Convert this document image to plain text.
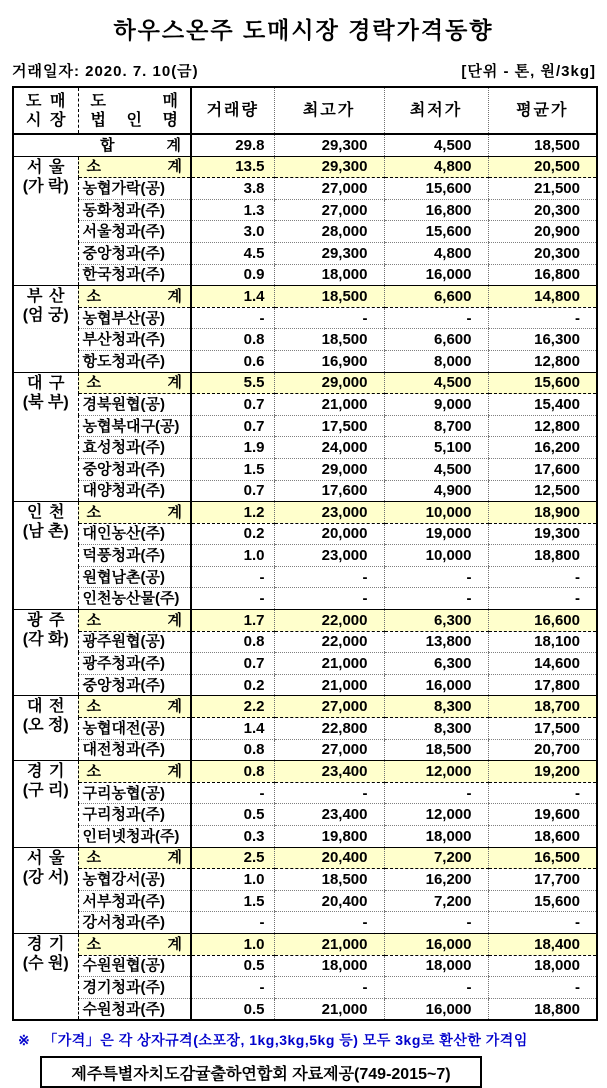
하우스온주 도매시장 경락가격동향
거래일자: 2020. 7. 10(금)	[단위 - 톤, 원/3kg]
도 매
시 장

도	매
법 인 명
	거래량	최고가	최저가	평균가

합 계		29.8	29,300	4,500	18,500

서 울
(가 락)

소	계	13.5	29,300	4,800	20,500
	농협가락(공)	3.8	27,000	15,600	21,500
	동화청과(주)	1.3	27,000	16,800	20,300
	서울청과(주)	3.0	28,000	15,600	20,900
	중앙청과(주)	4.5	29,300	4,800	20,300
	한국청과(주)	0.9	18,000	16,000	16,800

부 산
(엄 궁)

소	계	1.4	18,500	6,600	14,800
	농협부산(공)	-	-	-	-
	부산청과(주)	0.8	18,500	6,600	16,300
	항도청과(주)	0.6	16,900	8,000	12,800

대 구
(북 부)

소	계	5.5	29,000	4,500	15,600
	경북원협(공)	0.7	21,000	9,000	15,400
	농협북대구(공)	0.7	17,500	8,700	12,800
	효성청과(주)	1.9	24,000	5,100	16,200
	중앙청과(주)	1.5	29,000	4,500	17,600
	대양청과(주)	0.7	17,600	4,900	12,500

인 천
(남 촌)

소	계	1.2	23,000	10,000	18,900
	대인농산(주)	0.2	20,000	19,000	19,300
	덕풍청과(주)	1.0	23,000	10,000	18,800
	원협남촌(공)	-	-	-	-
	인천농산물(주)	-	-	-	-

광 주
(각 화)

소	계	1.7	22,000	6,300	16,600
	광주원협(공)	0.8	22,000	13,800	18,100
	광주청과(주)	0.7	21,000	6,300	14,600
	중앙청과(주)	0.2	21,000	16,000	17,800

대 전
(오 정)

소	계	2.2	27,000	8,300	18,700
	농협대전(공)	1.4	22,800	8,300	17,500
	대전청과(주)	0.8	27,000	18,500	20,700

경 기
(구 리)

소	계	0.8	23,400	12,000	19,200
	구리농협(공)	-	-	-	-
	구리청과(주)	0.5	23,400	12,000	19,600
	인터넷청과(주)	0.3	19,800	18,000	18,600

서 울
(강 서)

소	계	2.5	20,400	7,200	16,500
	농협강서(공)	1.0	18,500	16,200	17,700
	서부청과(주)	1.5	20,400	7,200	15,600
	강서청과(주)	-	-	-	-

경 기
(수 원)

소	계	1.0	21,000	16,000	18,400
	수원원협(공)	0.5	18,000	18,000	18,000
	경기청과(주)	-	-	-	-
	수원청과(주)	0.5	21,000	16,000	18,800
※ 「가격」은 각 상자규격(소포장, 1kg,3kg,5kg 등) 모두 3kg로 환산한 가격임
제주특별자치도감귤출하연합회 자료제공(749-2015~7)
